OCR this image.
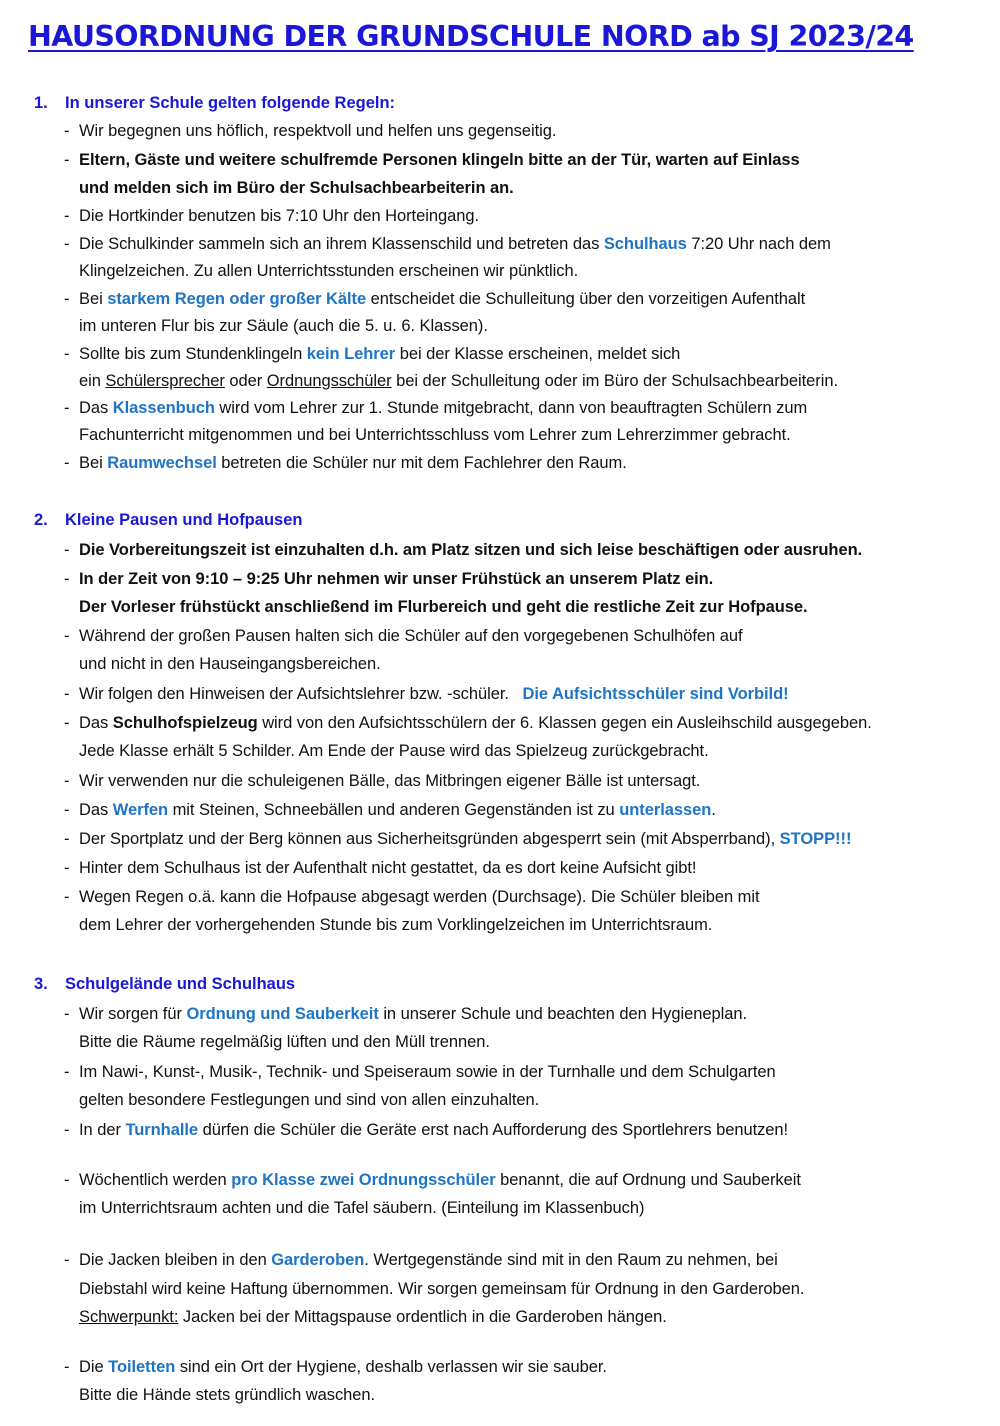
HAUSORDNUNG DER GRUNDSCHULE NORD ab SJ 2023/24
1. In unserer Schule gelten folgende Regeln:
- Wir begegnen uns höflich, respektvoll und helfen uns gegenseitig.
- Eltern, Gäste und weitere schulfremde Personen klingeln bitte an der Tür, warten auf Einlass
und melden sich im Büro der Schulsachbearbeiterin an.
- Die Hortkinder benutzen bis 7:10 Uhr den Horteingang.
- Die Schulkinder sammeln sich an ihrem Klassenschild und betreten das Schulhaus 7:20 Uhr nach dem
Klingelzeichen. Zu allen Unterrichtsstunden erscheinen wir pünktlich.
- Bei starkem Regen oder großer Kälte entscheidet die Schulleitung über den vorzeitigen Aufenthalt
im unteren Flur bis zur Säule (auch die 5. u. 6. Klassen).
- Sollte bis zum Stundenklingeln kein Lehrer bei der Klasse erscheinen, meldet sich
ein Schülersprecher oder Ordnungsschüler bei der Schulleitung oder im Büro der Schulsachbearbeiterin.
- Das Klassenbuch wird vom Lehrer zur 1. Stunde mitgebracht, dann von beauftragten Schülern zum
Fachunterricht mitgenommen und bei Unterrichtsschluss vom Lehrer zum Lehrerzimmer gebracht.
- Bei Raumwechsel betreten die Schüler nur mit dem Fachlehrer den Raum.
2. Kleine Pausen und Hofpausen
- Die Vorbereitungszeit ist einzuhalten d.h. am Platz sitzen und sich leise beschäftigen oder ausruhen.
- In der Zeit von 9:10 – 9:25 Uhr nehmen wir unser Frühstück an unserem Platz ein.
Der Vorleser frühstückt anschließend im Flurbereich und geht die restliche Zeit zur Hofpause.
- Während der großen Pausen halten sich die Schüler auf den vorgegebenen Schulhöfen auf
und nicht in den Hauseingangsbereichen.
- Wir folgen den Hinweisen der Aufsichtslehrer bzw. -schüler.   Die Aufsichtsschüler sind Vorbild!
- Das Schulhofspielzeug wird von den Aufsichtsschülern der 6. Klassen gegen ein Ausleihschild ausgegeben.
Jede Klasse erhält 5 Schilder. Am Ende der Pause wird das Spielzeug zurückgebracht.
- Wir verwenden nur die schuleigenen Bälle, das Mitbringen eigener Bälle ist untersagt.
- Das Werfen mit Steinen, Schneebällen und anderen Gegenständen ist zu unterlassen.
- Der Sportplatz und der Berg können aus Sicherheitsgründen abgesperrt sein (mit Absperrband), STOPP!!!
- Hinter dem Schulhaus ist der Aufenthalt nicht gestattet, da es dort keine Aufsicht gibt!
- Wegen Regen o.ä. kann die Hofpause abgesagt werden (Durchsage). Die Schüler bleiben mit
dem Lehrer der vorhergehenden Stunde bis zum Vorklingelzeichen im Unterrichtsraum.
3. Schulgelände und Schulhaus
- Wir sorgen für Ordnung und Sauberkeit in unserer Schule und beachten den Hygieneplan.
Bitte die Räume regelmäßig lüften und den Müll trennen.
- Im Nawi-, Kunst-, Musik-, Technik- und Speiseraum sowie in der Turnhalle und dem Schulgarten
gelten besondere Festlegungen und sind von allen einzuhalten.
- In der Turnhalle dürfen die Schüler die Geräte erst nach Aufforderung des Sportlehrers benutzen!
- Wöchentlich werden pro Klasse zwei Ordnungsschüler benannt, die auf Ordnung und Sauberkeit
im Unterrichtsraum achten und die Tafel säubern. (Einteilung im Klassenbuch)
- Die Jacken bleiben in den Garderoben. Wertgegenstände sind mit in den Raum zu nehmen, bei
Diebstahl wird keine Haftung übernommen. Wir sorgen gemeinsam für Ordnung in den Garderoben.
Schwerpunkt: Jacken bei der Mittagspause ordentlich in die Garderoben hängen.
- Die Toiletten sind ein Ort der Hygiene, deshalb verlassen wir sie sauber.
Bitte die Hände stets gründlich waschen.
